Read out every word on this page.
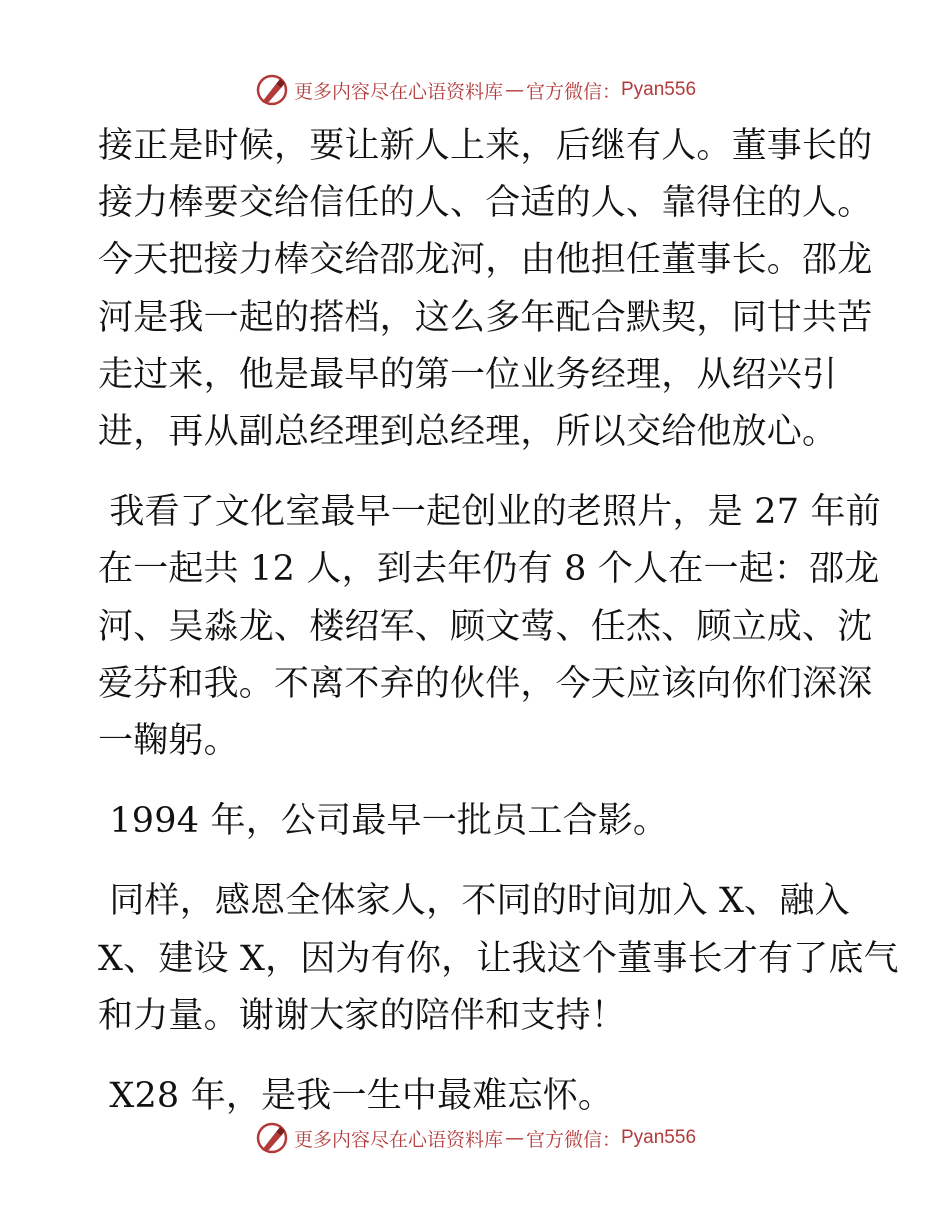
更多内容尽在心语资料库 — 官方微信： Pyan556
接正是时候，要让新人上来，后继有人。董事长的
接力棒要交给信任的人、合适的人、靠得住的人。
今天把接力棒交给邵龙河，由他担任董事长。邵龙
河是我一起的搭档，这么多年配合默契，同甘共苦
走过来，他是最早的第一位业务经理，从绍兴引
进，再从副总经理到总经理，所以交给他放心。
我看了文化室最早一起创业的老照片，是 27 年前
在一起共 12 人，到去年仍有 8 个人在一起：邵龙
河、吴淼龙、楼绍军、顾文莺、任杰、顾立成、沈
爱芬和我。不离不弃的伙伴，今天应该向你们深深
一鞠躬。
1994 年，公司最早一批员工合影。
同样，感恩全体家人，不同的时间加入 X、融入
X、建设 X，因为有你，让我这个董事长才有了底气
和力量。谢谢大家的陪伴和支持！
X28 年，是我一生中最难忘怀。
更多内容尽在心语资料库 — 官方微信： Pyan556
